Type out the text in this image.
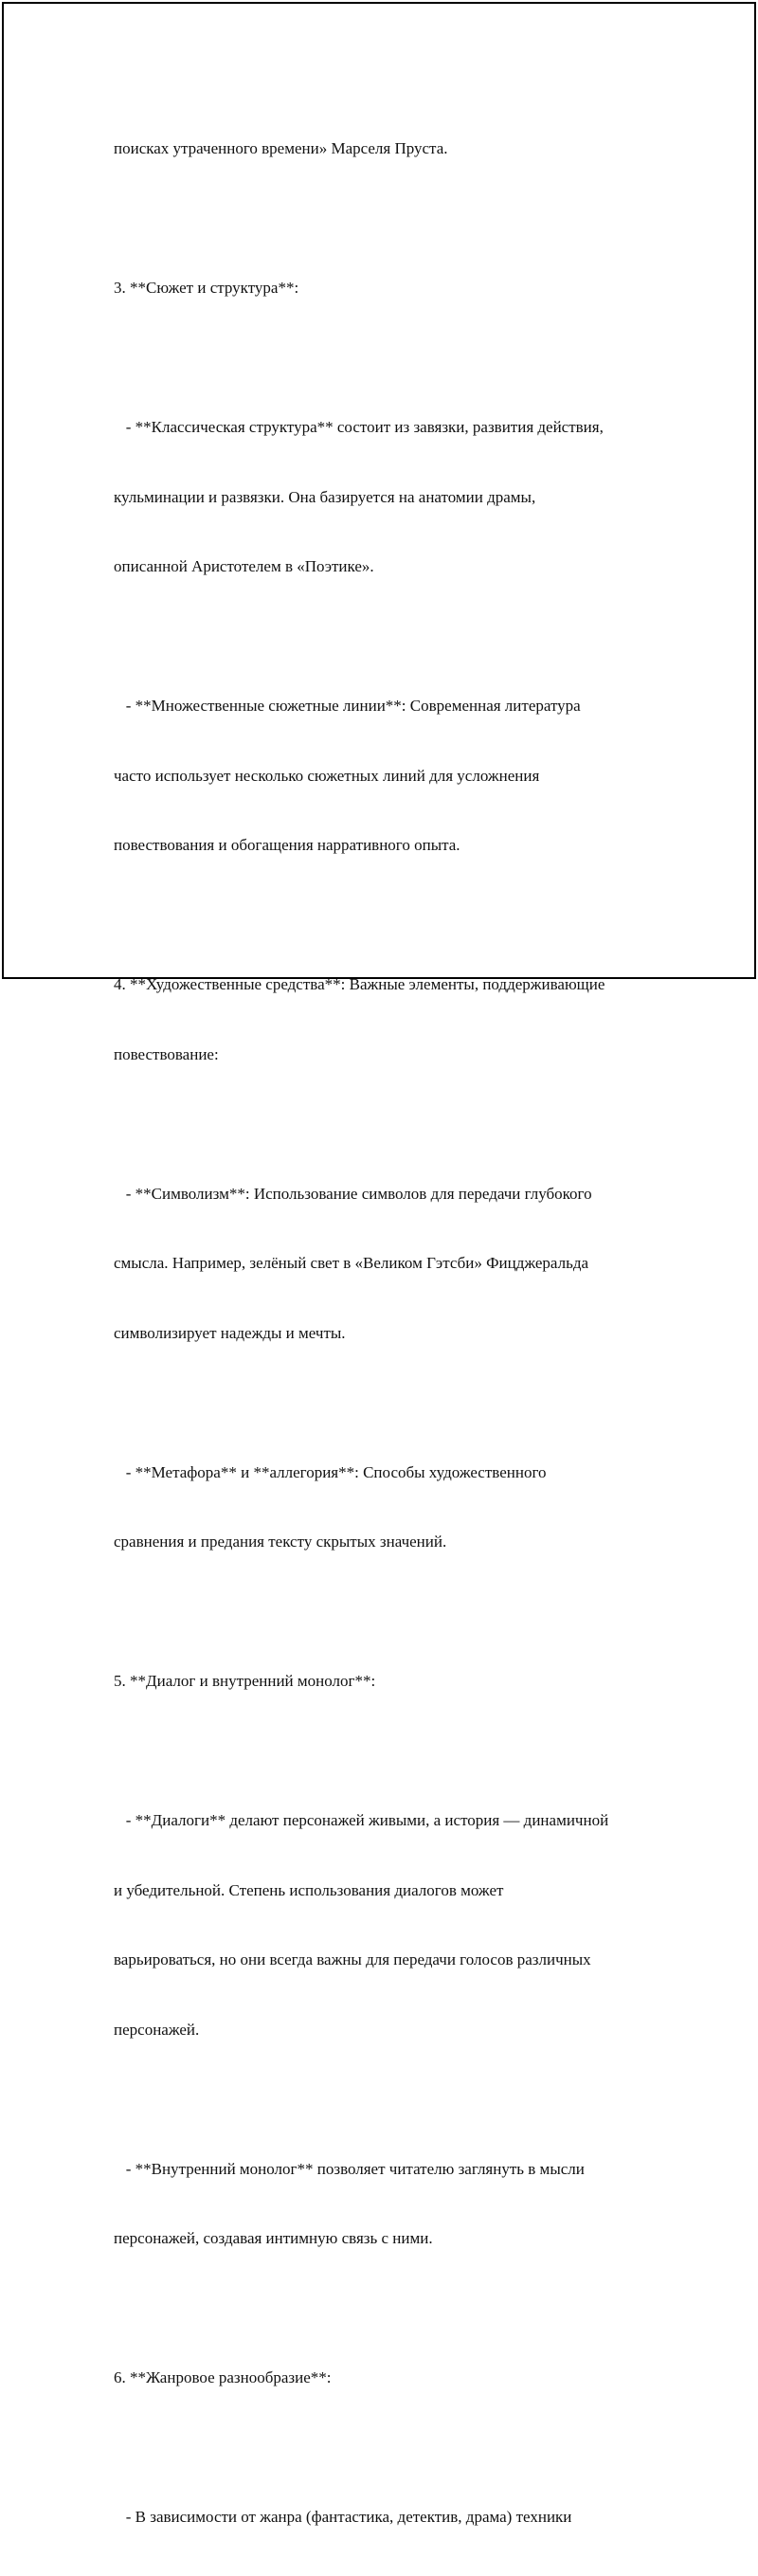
поисках утраченного времени» Марселя Пруста.

3. **Сюжет и структура**:

- **Классическая структура** состоит из завязки, развития действия,

кульминации и развязки. Она базируется на анатомии драмы,

описанной Аристотелем в «Поэтике».

- **Множественные сюжетные линии**: Современная литература

часто использует несколько сюжетных линий для усложнения

повествования и обогащения нарративного опыта.

4. **Художественные средства**: Важные элементы, поддерживающие

повествование:

- **Символизм**: Использование символов для передачи глубокого

смысла. Например, зелёный свет в «Великом Гэтсби» Фицджеральда

символизирует надежды и мечты.

- **Метафора** и **аллегория**: Способы художественного

сравнения и предания тексту скрытых значений.

5. **Диалог и внутренний монолог**:

- **Диалоги** делают персонажей живыми, а история — динамичной

и убедительной. Степень использования диалогов может

варьироваться, но они всегда важны для передачи голосов различных

персонажей.

- **Внутренний монолог** позволяет читателю заглянуть в мысли

персонажей, создавая интимную связь с ними.

6. **Жанровое разнообразие**:

- В зависимости от жанра (фантастика, детектив, драма) техники
